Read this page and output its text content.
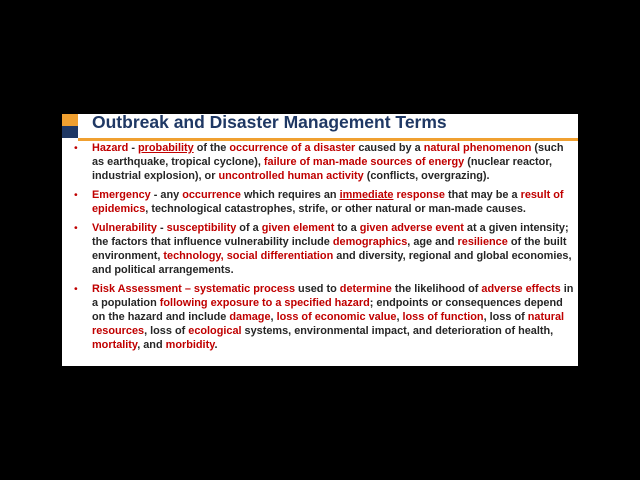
Outbreak and Disaster Management Terms
• Hazard - probability of the occurrence of a disaster caused by a natural phenomenon (such as earthquake, tropical cyclone), failure of man-made sources of energy (nuclear reactor, industrial explosion), or uncontrolled human activity (conflicts, overgrazing).
• Emergency - any occurrence which requires an immediate response that may be a result of epidemics, technological catastrophes, strife, or other natural or man-made causes.
• Vulnerability - susceptibility of a given element to a given adverse event at a given intensity; the factors that influence vulnerability include demographics, age and resilience of the built environment, technology, social differentiation and diversity, regional and global economies, and political arrangements.
• Risk Assessment – systematic process used to determine the likelihood of adverse effects in a population following exposure to a specified hazard; endpoints or consequences depend on the hazard and include damage, loss of economic value, loss of function, loss of natural resources, loss of ecological systems, environmental impact, and deterioration of health, mortality, and morbidity.
